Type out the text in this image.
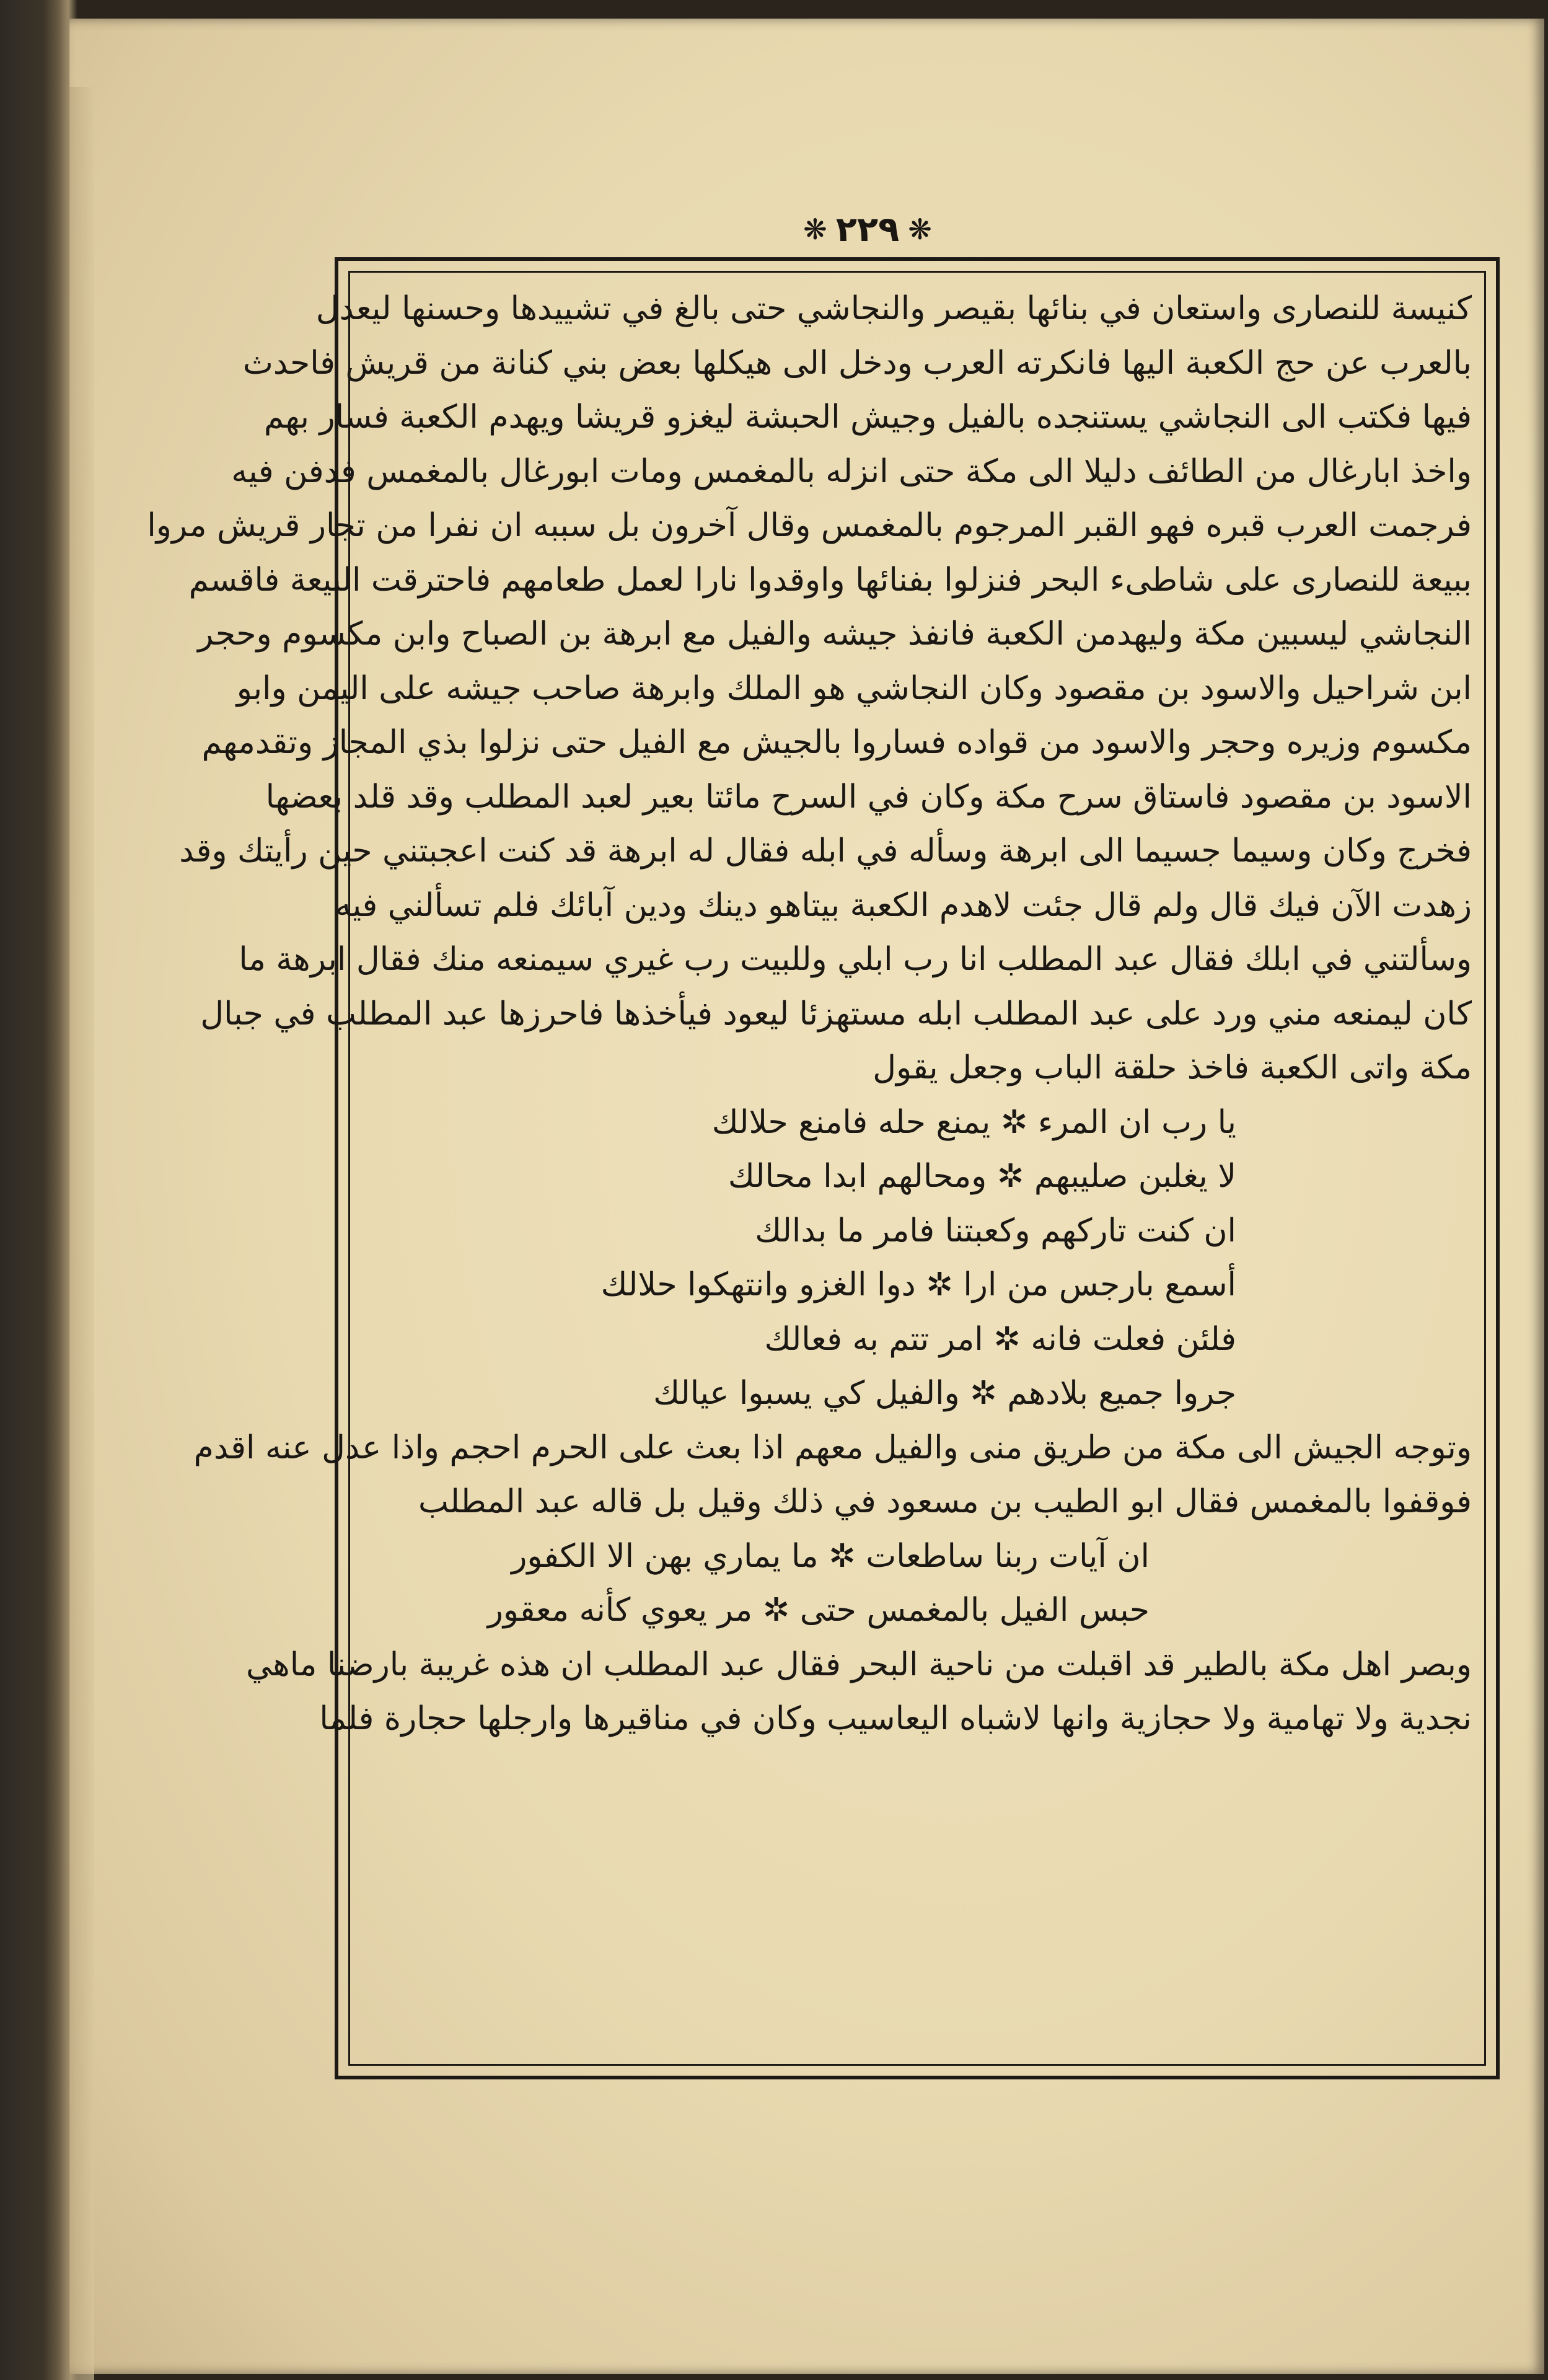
❋ ٢٢٩ ❋
كنيسة للنصارى واستعان في بنائها بقيصر والنجاشي حتى بالغ في تشييدها وحسنها ليعدل
بالعرب عن حج الكعبة اليها فانكرته العرب ودخل الى هيكلها بعض بني كنانة من قريش فاحدث
فيها فكتب الى النجاشي يستنجده بالفيل وجيش الحبشة ليغزو قريشا ويهدم الكعبة فسار بهم
واخذ ابارغال من الطائف دليلا الى مكة حتى انزله بالمغمس ومات ابورغال بالمغمس فدفن فيه
فرجمت العرب قبره فهو القبر المرجوم بالمغمس وقال آخرون بل سببه ان نفرا من تجار قريش مروا
ببيعة للنصارى على شاطىء البحر فنزلوا بفنائها واوقدوا نارا لعمل طعامهم فاحترقت البيعة فاقسم
النجاشي ليسبين مكة وليهدمن الكعبة فانفذ جيشه والفيل مع ابرهة بن الصباح وابن مكسوم وحجر
ابن شراحيل والاسود بن مقصود وكان النجاشي هو الملك وابرهة صاحب جيشه على اليمن وابو
مكسوم وزيره وحجر والاسود من قواده فساروا بالجيش مع الفيل حتى نزلوا بذي المجاز وتقدمهم
الاسود بن مقصود فاستاق سرح مكة وكان في السرح مائتا بعير لعبد المطلب وقد قلد بعضها
فخرج وكان وسيما جسيما الى ابرهة وسأله في ابله فقال له ابرهة قد كنت اعجبتني حين رأيتك وقد
زهدت الآن فيك قال ولم قال جئت لاهدم الكعبة بيتاهو دينك ودين آبائك فلم تسألني فيه
وسألتني في ابلك فقال عبد المطلب انا رب ابلي وللبيت رب غيري سيمنعه منك فقال ابرهة ما
كان ليمنعه مني ورد على عبد المطلب ابله مستهزئا ليعود فيأخذها فاحرزها عبد المطلب في جبال
مكة واتى الكعبة فاخذ حلقة الباب وجعل يقول
يا رب ان المرء ✲ يمنع حله فامنع حلالك
لا يغلبن صليبهم ✲ ومحالهم ابدا محالك
ان كنت تاركهم وكعبتنا فامر ما بدالك
أسمع بارجس من ارا ✲ دوا الغزو وانتهكوا حلالك
فلئن فعلت فانه ✲ امر تتم به فعالك
جروا جميع بلادهم ✲ والفيل كي يسبوا عيالك
وتوجه الجيش الى مكة من طريق منى والفيل معهم اذا بعث على الحرم احجم واذا عدل عنه اقدم
فوقفوا بالمغمس فقال ابو الطيب بن مسعود في ذلك وقيل بل قاله عبد المطلب
ان آيات ربنا ساطعات ✲ ما يماري بهن الا الكفور
حبس الفيل بالمغمس حتى ✲ مر يعوي كأنه معقور
وبصر اهل مكة بالطير قد اقبلت من ناحية البحر فقال عبد المطلب ان هذه غريبة بارضنا ماهي
نجدية ولا تهامية ولا حجازية وانها لاشباه اليعاسيب وكان في مناقيرها وارجلها حجارة فلما
